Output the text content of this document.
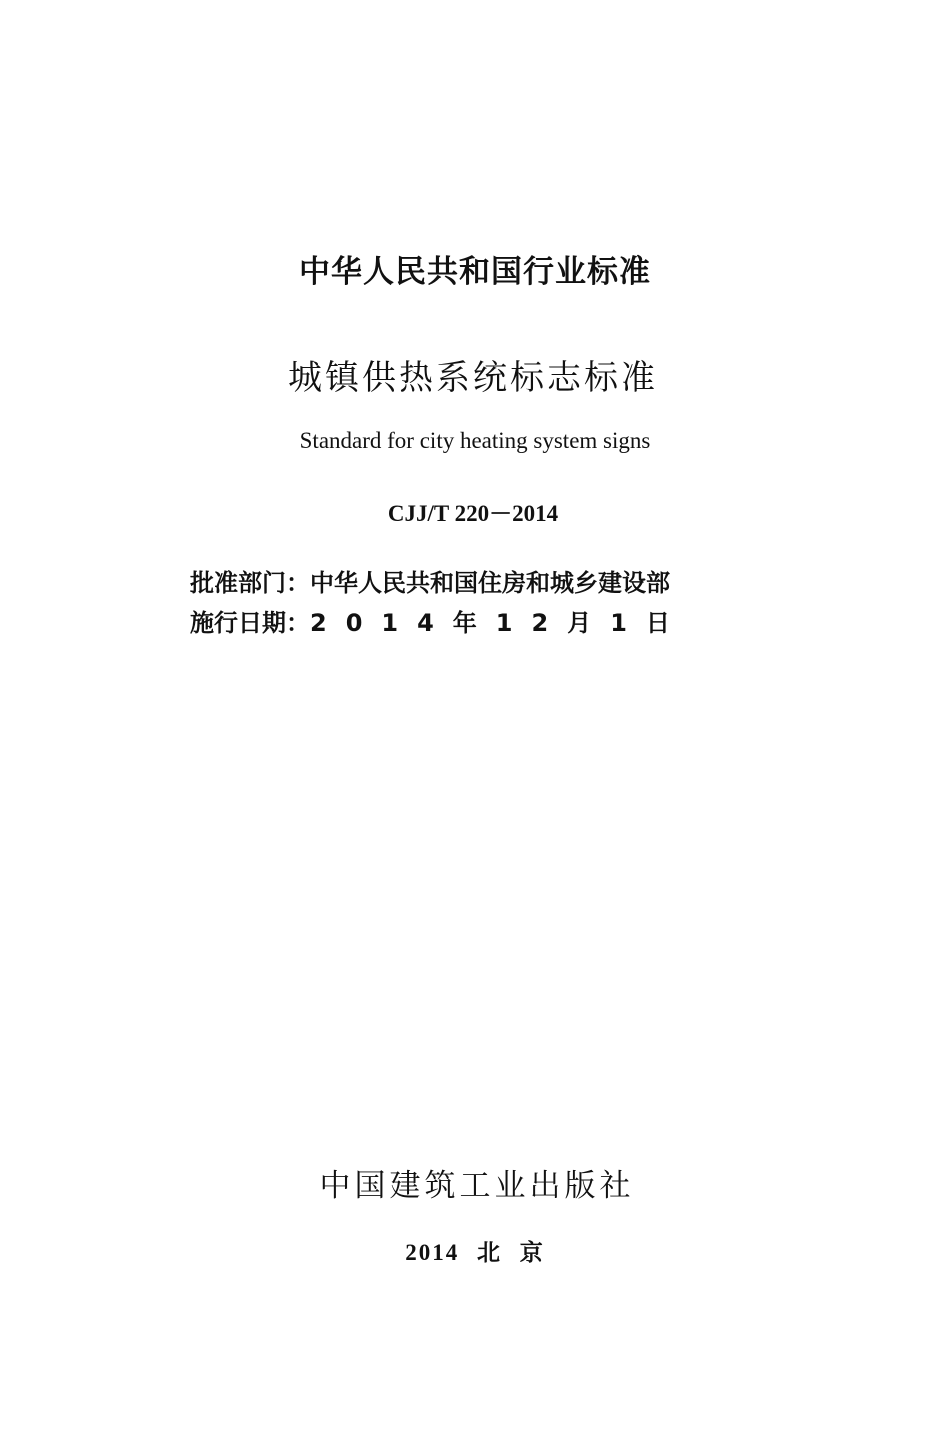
中华人民共和国行业标准
城镇供热系统标志标准
Standard for city heating system signs
CJJ/T 220－2014
批准部门：中华人民共和国住房和城乡建设部
施行日期：2014年12月1日
中国建筑工业出版社
2014 北 京
